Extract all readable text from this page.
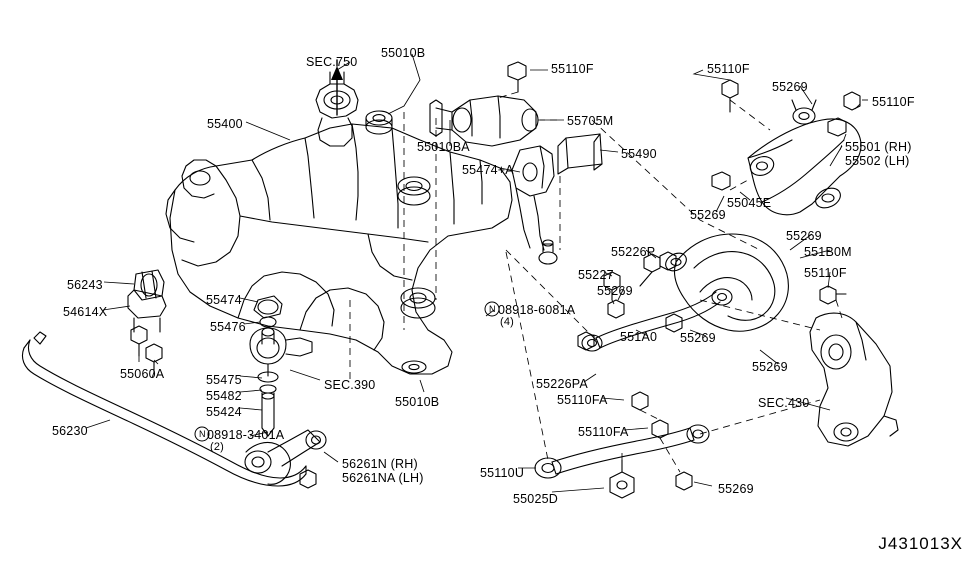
N
N
SEC.750
55010B
55110F	55110F
55269
55110F
55400	55705M
55010BA	55490	55501 (RH)
55502 (LH)
55474+A
55045E
55269
55269
551B0M
55226P
55110F
55227
56243	55269
55474
54614X	08918-6081A
(4)
55476
551A0 55269
55060A	55269
55475	SEC.390	55226PA
55482	55010B	SEC.430
55110FA
55424
56230	08918-3401A
(2)
55110FA
56261N (RH)
56261NA (LH)	55110U
55269
55025D
J431013X
